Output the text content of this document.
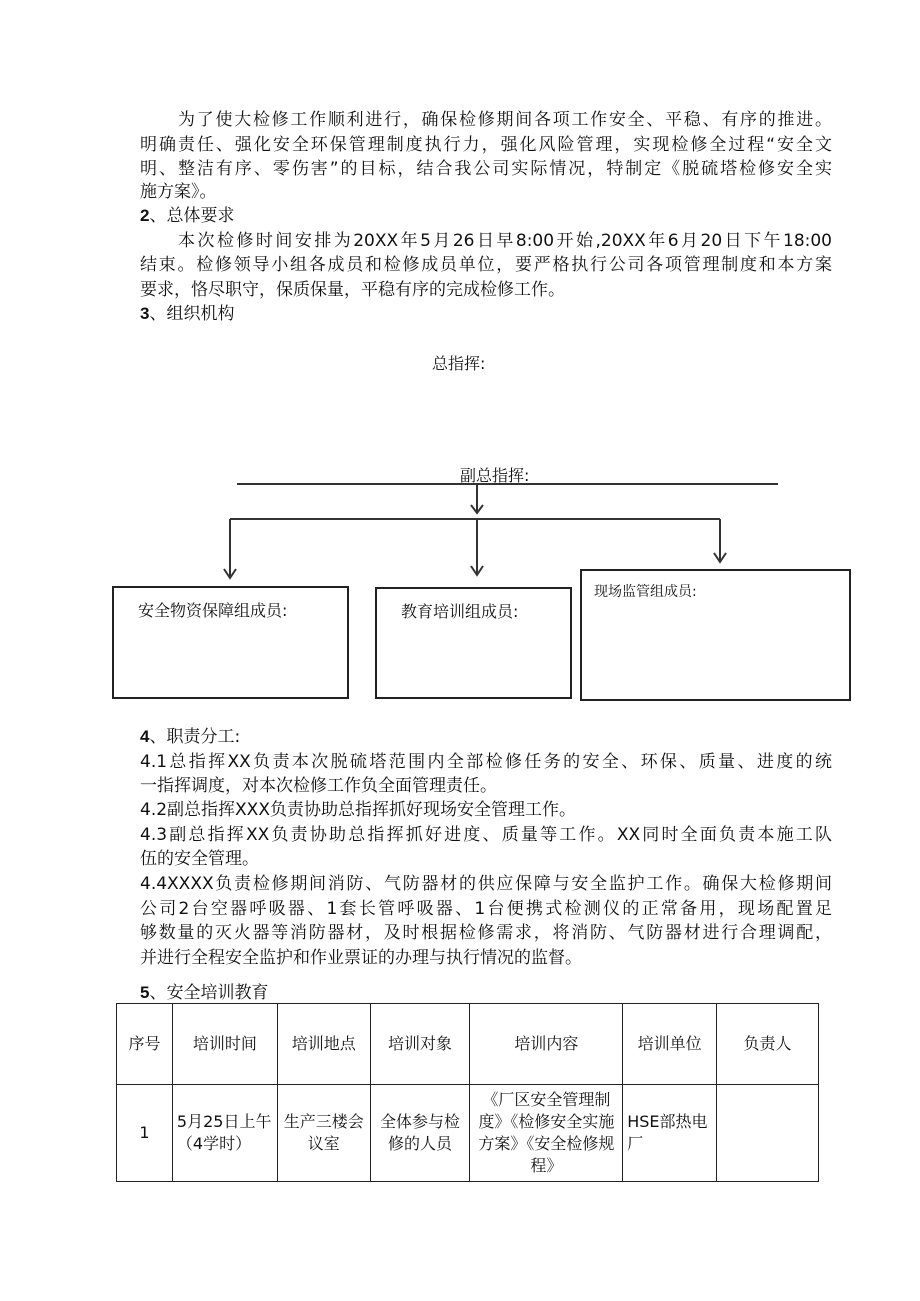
为了使大检修工作顺利进行，确保检修期间各项工作安全、平稳、有序的推进。
明确责任、强化安全环保管理制度执行力，强化风险管理，实现检修全过程“安全文
明、整洁有序、零伤害”的目标，结合我公司实际情况，特制定《脱硫塔检修安全实
施方案》。
2、总体要求
本次检修时间安排为20XX年5月26日早8:00开始,20XX年6月20日下午18:00
结束。检修领导小组各成员和检修成员单位，要严格执行公司各项管理制度和本方案
要求，恪尽职守，保质保量，平稳有序的完成检修工作。
3、组织机构
总指挥:
副总指挥:
安全物资保障组成员:	教育培训组成员:
现场监管组成员:
4、职责分工:
4.1总指挥XX负责本次脱硫塔范围内全部检修任务的安全、环保、质量、进度的统
一指挥调度，对本次检修工作负全面管理责任。
4.2副总指挥XXX负责协助总指挥抓好现场安全管理工作。
4.3副总指挥XX负责协助总指挥抓好进度、质量等工作。XX同时全面负责本施工队
伍的安全管理。
4.4XXXX负责检修期间消防、气防器材的供应保障与安全监护工作。确保大检修期间
公司2台空器呼吸器、1套长管呼吸器、1台便携式检测仪的正常备用，现场配置足
够数量的灭火器等消防器材，及时根据检修需求，将消防、气防器材进行合理调配，
并进行全程安全监护和作业票证的办理与执行情况的监督。
5、安全培训教育
序号	培训时间	培训地点	培训对象	培训内容	培训单位	负责人
1	5月25日上午（4学时）	生产三楼会议室	全体参与检修的人员	《厂区安全管理制度》《检修安全实施方案》《安全检修规程》	HSE部热电厂	
